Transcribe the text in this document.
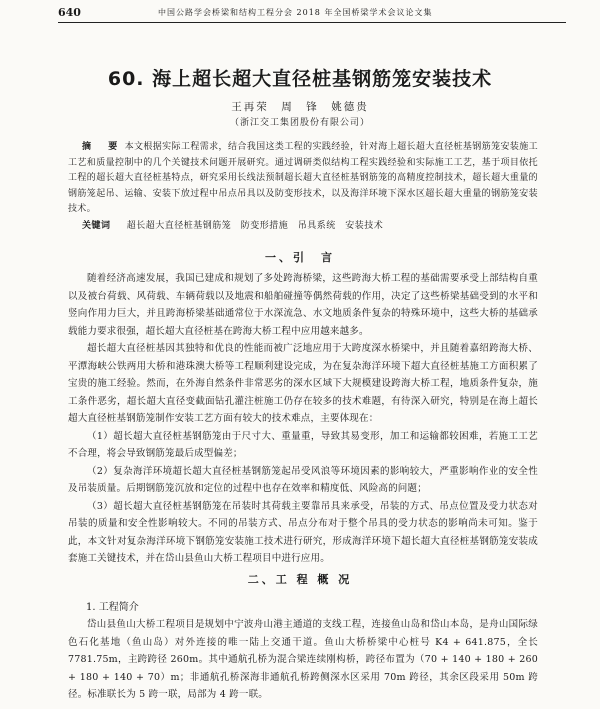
640	中国公路学会桥梁和结构工程分会 2018 年全国桥梁学术会议论文集
60. 海上超长超大直径桩基钢筋笼安装技术
王再荣　周　锋　姚德贵
（浙江交工集团股份有限公司）
摘　要 本文根据实际工程需求，结合我国这类工程的实践经验，针对海上超长超大直径桩基钢筋笼安装施工工艺和质量控制中的几个关键技术问题开展研究。通过调研类似结构工程实践经验和实际施工工艺，基于项目依托工程的超长超大直径桩基特点，研究采用长线法预制超长超大直径桩基钢筋笼的高精度控制技术，超长超大重量的钢筋笼起吊、运输、安装下放过程中吊点吊具以及防变形技术，以及海洋环境下深水区超长超大重量的钢筋笼安装技术。
关键词 　 超长超大直径桩基钢筋笼　防变形措施　吊具系统　安装技术
一、引　言

随着经济高速发展，我国已建成和规划了多处跨海桥梁，这些跨海大桥工程的基础需要承受上部结构自重以及被台荷载、风荷载、车辆荷载以及地震和船舶碰撞等偶然荷载的作用，决定了这些桥梁基础受到的水平和竖向作用力巨大，并且跨海桥梁基础通常位于水深流急、水文地质条件复杂的特殊环境中，这些大桥的基础承载能力要求很强，超长超大直径桩基在跨海大桥工程中应用越来越多。

超长超大直径桩基因其独特和优良的性能而被广泛地应用于大跨度深水桥梁中，并且随着嘉绍跨海大桥、平潭海峡公铁两用大桥和港珠澳大桥等工程顺利建设完成，为在复杂海洋环境下超大直径桩基施工方面积累了宝贵的施工经验。然而，在外海自然条件非常恶劣的深水区域下大规模建设跨海大桥工程，地质条件复杂，施工条件恶劣，超长超大直径变截面钻孔灌注桩施工仍存在较多的技术难题，有待深入研究，特别是在海上超长超大直径桩基钢筋笼制作安装工艺方面有较大的技术难点，主要体现在：

（1）超长超大直径桩基钢筋笼由于尺寸大、重量重，导致其易变形，加工和运输都较困难，若施工工艺不合理，将会导致钢筋笼最后成型偏差；

（2）复杂海洋环境超长超大直径桩基钢筋笼起吊受风浪等环境因素的影响较大，严重影响作业的安全性及吊装质量。后期钢筋笼沉放和定位的过程中也存在效率和精度低、风险高的问题；

（3）超长超大直径桩基钢筋笼在吊装时其荷载主要靠吊具来承受，吊装的方式、吊点位置及受力状态对吊装的质量和安全性影响较大。不同的吊装方式、吊点分布对于整个吊具的受力状态的影响尚未可知。鉴于此，本文针对复杂海洋环境下钢筋笼安装施工技术进行研究，形成海洋环境下超长超大直径桩基钢筋笼安装成套施工关键技术，并在岱山县鱼山大桥工程项目中进行应用。

二、工 程 概 况
1. 工程简介

岱山县鱼山大桥工程项目是规划中宁波舟山港主通道的支线工程，连接鱼山岛和岱山本岛，是舟山国际绿色石化基地（鱼山岛）对外连接的唯一陆上交通干道。鱼山大桥桥梁中心桩号 K4 + 641.875，全长7781.75m，主跨跨径 260m。其中通航孔桥为混合梁连续刚构桥，跨径布置为（70 + 140 + 180 + 260 + 180 + 140 + 70）m；非通航孔桥深海非通航孔桥跨侧深水区采用 70m 跨径，其余区段采用 50m 跨径。标准联长为 5 跨一联，局部为 4 跨一联。
